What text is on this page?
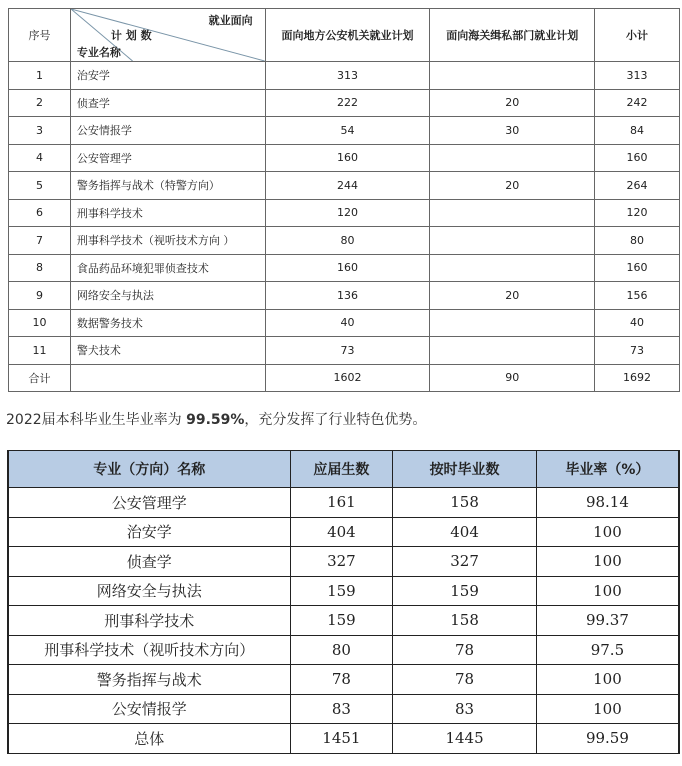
序号	就业面向
计 划 数
专业名称	面向地方公安机关就业计划	面向海关缉私部门就业计划	小计
1	治安学	313		313
2	侦查学	222	20	242
3	公安情报学	54	30	84
4	公安管理学	160		160
5	警务指挥与战术（特警方向）	244	20	264
6	刑事科学技术	120		120
7	刑事科学技术（视听技术方向 ）	80		80
8	食品药品环境犯罪侦查技术	160		160
9	网络安全与执法	136	20	156
10	数据警务技术	40		40
11	警犬技术	73		73
合计		1602	90	1692
2022届本科毕业生毕业率为 99.59%，充分发挥了行业特色优势。
专业（方向）名称	应届生数	按时毕业数	毕业率（%）
公安管理学	161	158	98.14
治安学	404	404	100
侦查学	327	327	100
网络安全与执法	159	159	100
刑事科学技术	159	158	99.37
刑事科学技术（视听技术方向）	80	78	97.5
警务指挥与战术	78	78	100
公安情报学	83	83	100
总体	1451	1445	99.59
